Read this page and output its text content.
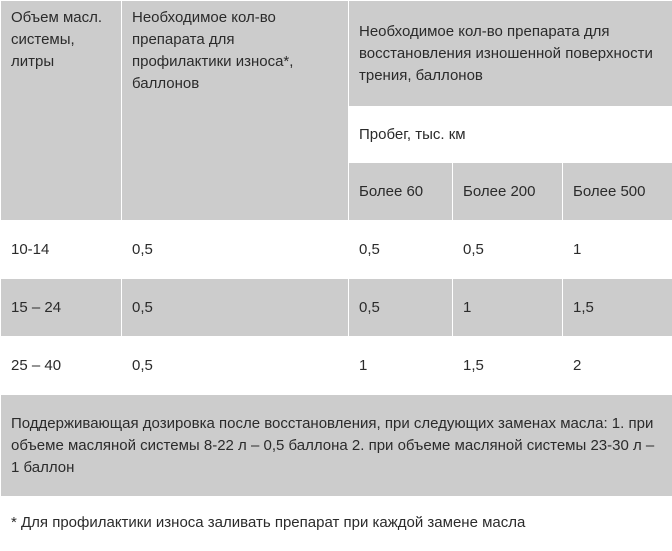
Объем масл. системы, литры	Необходимое кол-во препарата для профилактики износа*, баллонов	Необходимое кол-во препарата для восстановления изношенной поверхности трения, баллонов		
		Пробег, тыс. км		
		Более 60	Более 200	Более 500
10-14	0,5	0,5	0,5	1
15 – 24	0,5	0,5	1	1,5
25 – 40	0,5	1	1,5	2
Поддерживающая дозировка после восстановления, при следующих заменах масла: 1. при объеме масляной системы 8-22 л – 0,5 баллона 2. при объеме масляной системы 23-30 л – 1 баллон				
* Для профилактики износа заливать препарат при каждой замене масла				
